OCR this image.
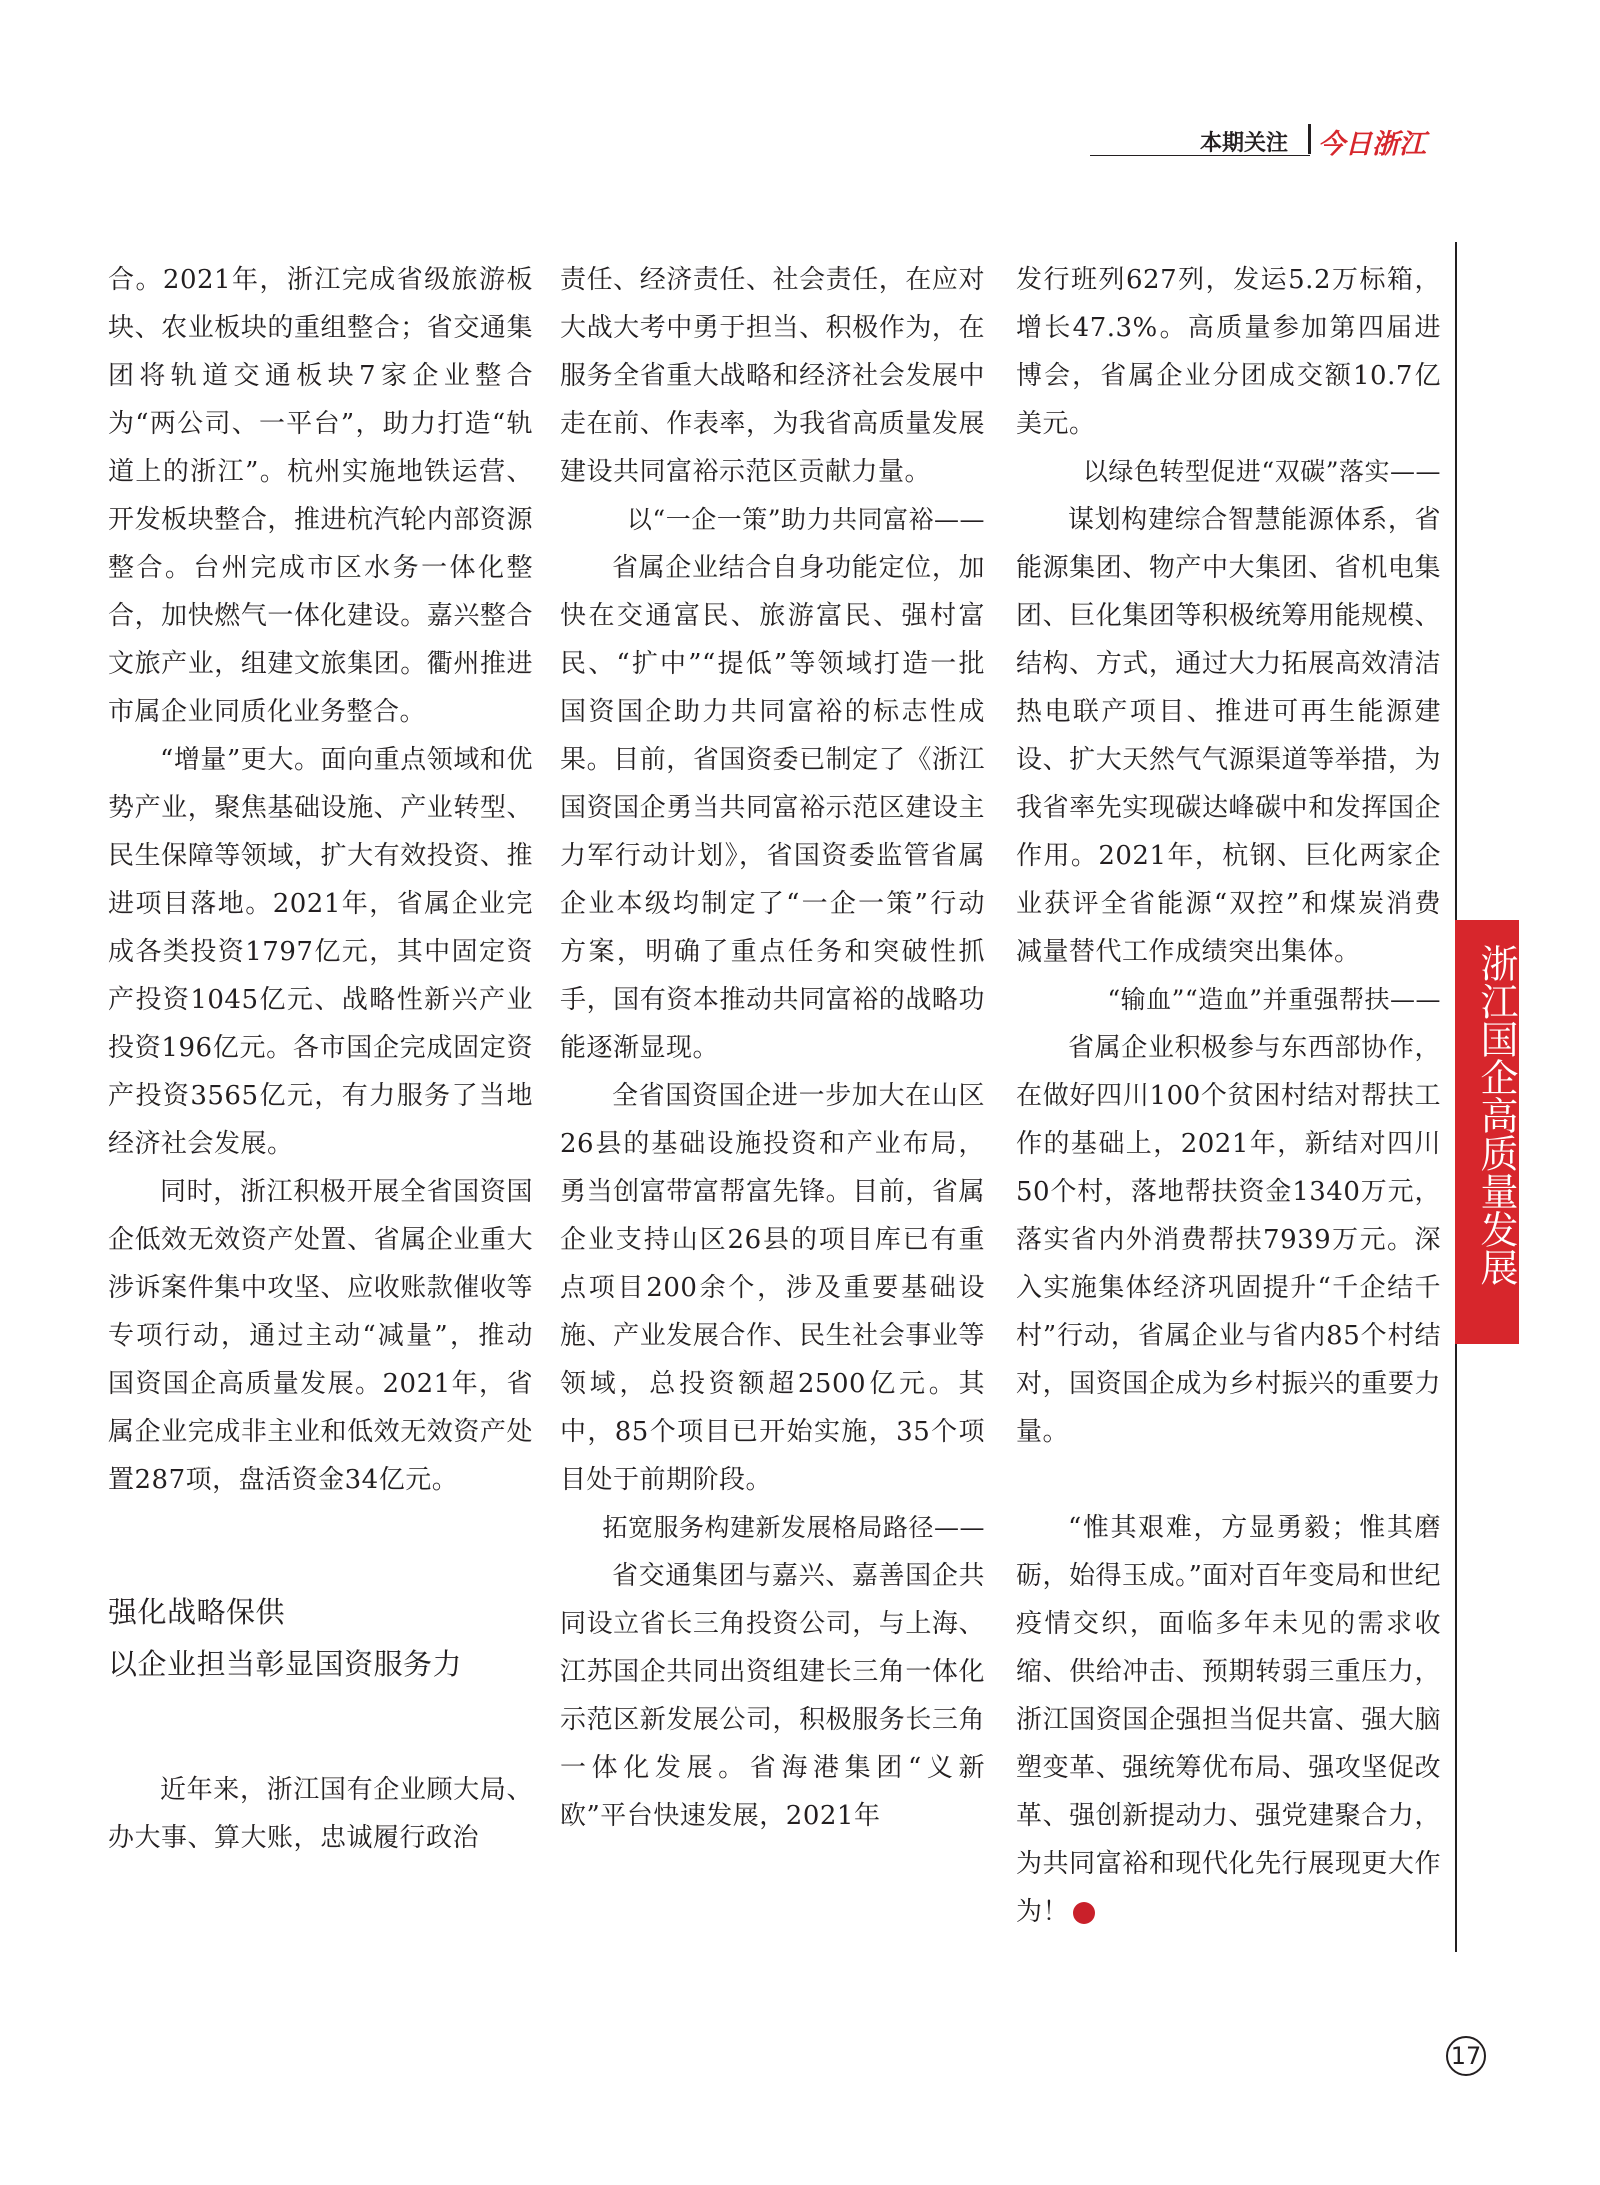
本期关注 今日浙江

合。2021年，浙江完成省级旅游板块、农业板块的重组整合；省交通集团将轨道交通板块7家企业整合为“两公司、一平台”，助力打造“轨道上的浙江”。杭州实施地铁运营、开发板块整合，推进杭汽轮内部资源整合。台州完成市区水务一体化整合，加快燃气一体化建设。嘉兴整合文旅产业，组建文旅集团。衢州推进市属企业同质化业务整合。

“增量”更大。面向重点领域和优势产业，聚焦基础设施、产业转型、民生保障等领域，扩大有效投资、推进项目落地。2021年，省属企业完成各类投资1797亿元，其中固定资产投资1045亿元、战略性新兴产业投资196亿元。各市国企完成固定资产投资3565亿元，有力服务了当地经济社会发展。

同时，浙江积极开展全省国资国企低效无效资产处置、省属企业重大涉诉案件集中攻坚、应收账款催收等专项行动，通过主动“减量”，推动国资国企高质量发展。2021年，省属企业完成非主业和低效无效资产处置287项，盘活资金34亿元。

强化战略保供
以企业担当彰显国资服务力

近年来，浙江国有企业顾大局、办大事、算大账，忠诚履行政治

责任、经济责任、社会责任，在应对大战大考中勇于担当、积极作为，在服务全省重大战略和经济社会发展中走在前、作表率，为我省高质量发展建设共同富裕示范区贡献力量。

以“一企一策”助力共同富裕——

省属企业结合自身功能定位，加快在交通富民、旅游富民、强村富民、“扩中”“提低”等领域打造一批国资国企助力共同富裕的标志性成果。目前，省国资委已制定了《浙江国资国企勇当共同富裕示范区建设主力军行动计划》，省国资委监管省属企业本级均制定了“一企一策”行动方案，明确了重点任务和突破性抓手，国有资本推动共同富裕的战略功能逐渐显现。

全省国资国企进一步加大在山区26县的基础设施投资和产业布局，勇当创富带富帮富先锋。目前，省属企业支持山区26县的项目库已有重点项目200余个，涉及重要基础设施、产业发展合作、民生社会事业等领域，总投资额超2500亿元。其中，85个项目已开始实施，35个项目处于前期阶段。

拓宽服务构建新发展格局路径——

省交通集团与嘉兴、嘉善国企共同设立省长三角投资公司，与上海、江苏国企共同出资组建长三角一体化示范区新发展公司，积极服务长三角一体化发展。省海港集团“义新欧”平台快速发展，2021年

发行班列627列，发运5.2万标箱，增长47.3%。高质量参加第四届进博会，省属企业分团成交额10.7亿美元。

以绿色转型促进“双碳”落实——

谋划构建综合智慧能源体系，省能源集团、物产中大集团、省机电集团、巨化集团等积极统筹用能规模、结构、方式，通过大力拓展高效清洁热电联产项目、推进可再生能源建设、扩大天然气气源渠道等举措，为我省率先实现碳达峰碳中和发挥国企作用。2021年，杭钢、巨化两家企业获评全省能源“双控”和煤炭消费减量替代工作成绩突出集体。

“输血”“造血”并重强帮扶——

省属企业积极参与东西部协作，在做好四川100个贫困村结对帮扶工作的基础上，2021年，新结对四川50个村，落地帮扶资金1340万元，落实省内外消费帮扶7939万元。深入实施集体经济巩固提升“千企结千村”行动，省属企业与省内85个村结对，国资国企成为乡村振兴的重要力量。

“惟其艰难，方显勇毅；惟其磨砺，始得玉成。”面对百年变局和世纪疫情交织，面临多年未见的需求收缩、供给冲击、预期转弱三重压力，浙江国资国企强担当促共富、强大脑塑变革、强统筹优布局、强攻坚促改革、强创新提动力、强党建聚合力，为共同富裕和现代化先行展现更大作为！	今

浙江国企高质量发展
17
